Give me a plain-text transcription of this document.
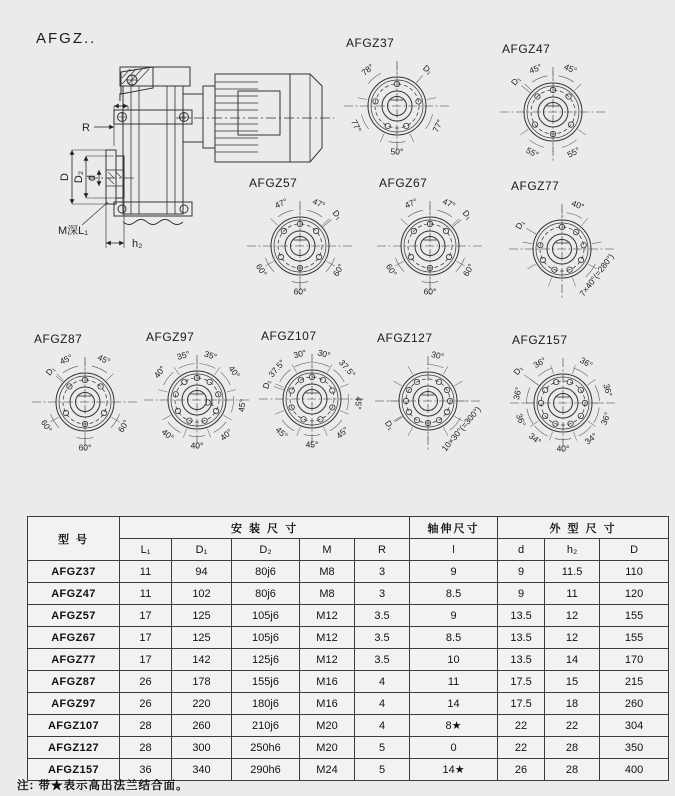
AFGZ..
D D₂ d
l
R
M深L₁
h₂
AFGZ37
78°	D₁
77°	77°
50°
AFGZ47
45° 45°
D₁
55°	55°
AFGZ57
47°	47°
D₁
60°
60°
60°
AFGZ67
47°	47°
D₁
60°
60°
60°
AFGZ77
40°
D₁
7×40°(=280°)
AFGZ87
45°	45°
D₁
60°
60°
60°
AFGZ97
35° 35°
40°	40°
45°
40°
40°
40°
D₁
AFGZ107
30° 30°
37.5°	37.5°
45°
45°
45°
45°
D₁
AFGZ127
30°
10×30°(=300°)
D₁
AFGZ157
36°	36°
36°	36°
36°	36°
34°	34°
40°
D₁
型 号	安 装 尺 寸					轴伸尺寸	外 型 尺 寸		
	L₁	D₁	D₂	M	R	l	d	h₂	D
AFGZ37	11	94	80j6	M8	3	9	9	11.5	110
AFGZ47	11	102	80j6	M8	3	8.5	9	11	120
AFGZ57	17	125	105j6	M12	3.5	9	13.5	12	155
AFGZ67	17	125	105j6	M12	3.5	8.5	13.5	12	155
AFGZ77	17	142	125j6	M12	3.5	10	13.5	14	170
AFGZ87	26	178	155j6	M16	4	11	17.5	15	215
AFGZ97	26	220	180j6	M16	4	14	17.5	18	260
AFGZ107	28	260	210j6	M20	4	8★	22	22	304
AFGZ127	28	300	250h6	M20	5	0	22	28	350
AFGZ157	36	340	290h6	M24	5	14★	26	28	400
注: 带★表示高出法兰结合面。
